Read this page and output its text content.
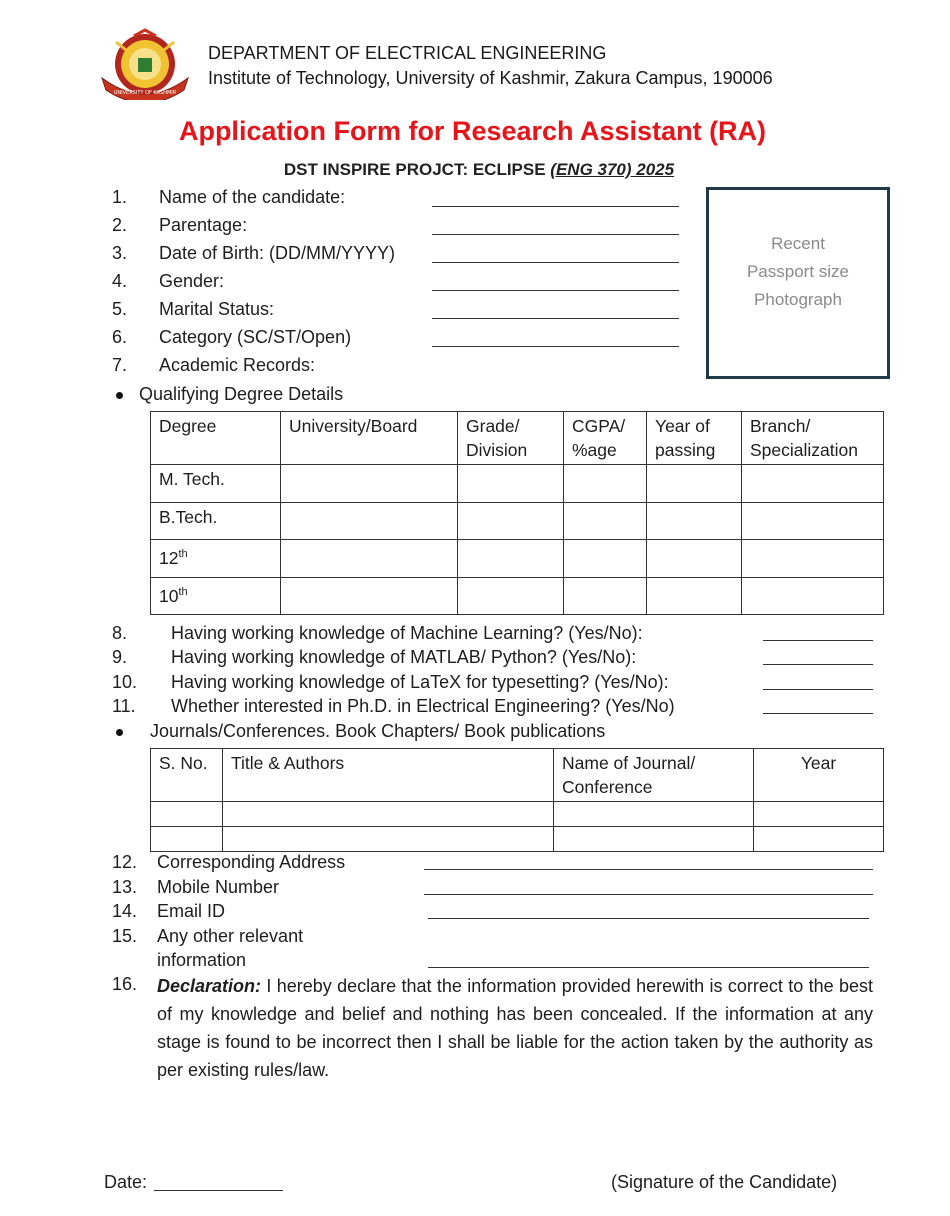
UNIVERSITY OF KASHMIR
DEPARTMENT OF ELECTRICAL ENGINEERING
Institute of Technology, University of Kashmir, Zakura Campus, 190006
Application Form for Research Assistant (RA)
DST INSPIRE PROJCT: ECLIPSE (ENG 370) 2025
Recent
Passport size
Photograph
1. Name of the candidate:
2. Parentage:
3. Date of Birth: (DD/MM/YYYY)
4. Gender:
5. Marital Status:
6. Category (SC/ST/Open)
7. Academic Records:
Qualifying Degree Details
Degree	University/Board	Grade/ Division	CGPA/ %age	Year of passing	Branch/ Specialization
M. Tech.					
B.Tech.					
12th					
10th					
8. Having working knowledge of Machine Learning? (Yes/No):
9. Having working knowledge of MATLAB/ Python? (Yes/No):
10. Having working knowledge of LaTeX for typesetting? (Yes/No):
11. Whether interested in Ph.D. in Electrical Engineering? (Yes/No)
Journals/Conferences. Book Chapters/ Book publications
S. No.	Title & Authors	Name of Journal/ Conference	Year

12. Corresponding Address
13. Mobile Number
14. Email ID
15. Any other relevant
information
16. Declaration: I hereby declare that the information provided herewith is correct to the best of my knowledge and belief and nothing has been concealed. If the information at any stage is found to be incorrect then I shall be liable for the action taken by the authority as per existing rules/law.
Date:	(Signature of the Candidate)
